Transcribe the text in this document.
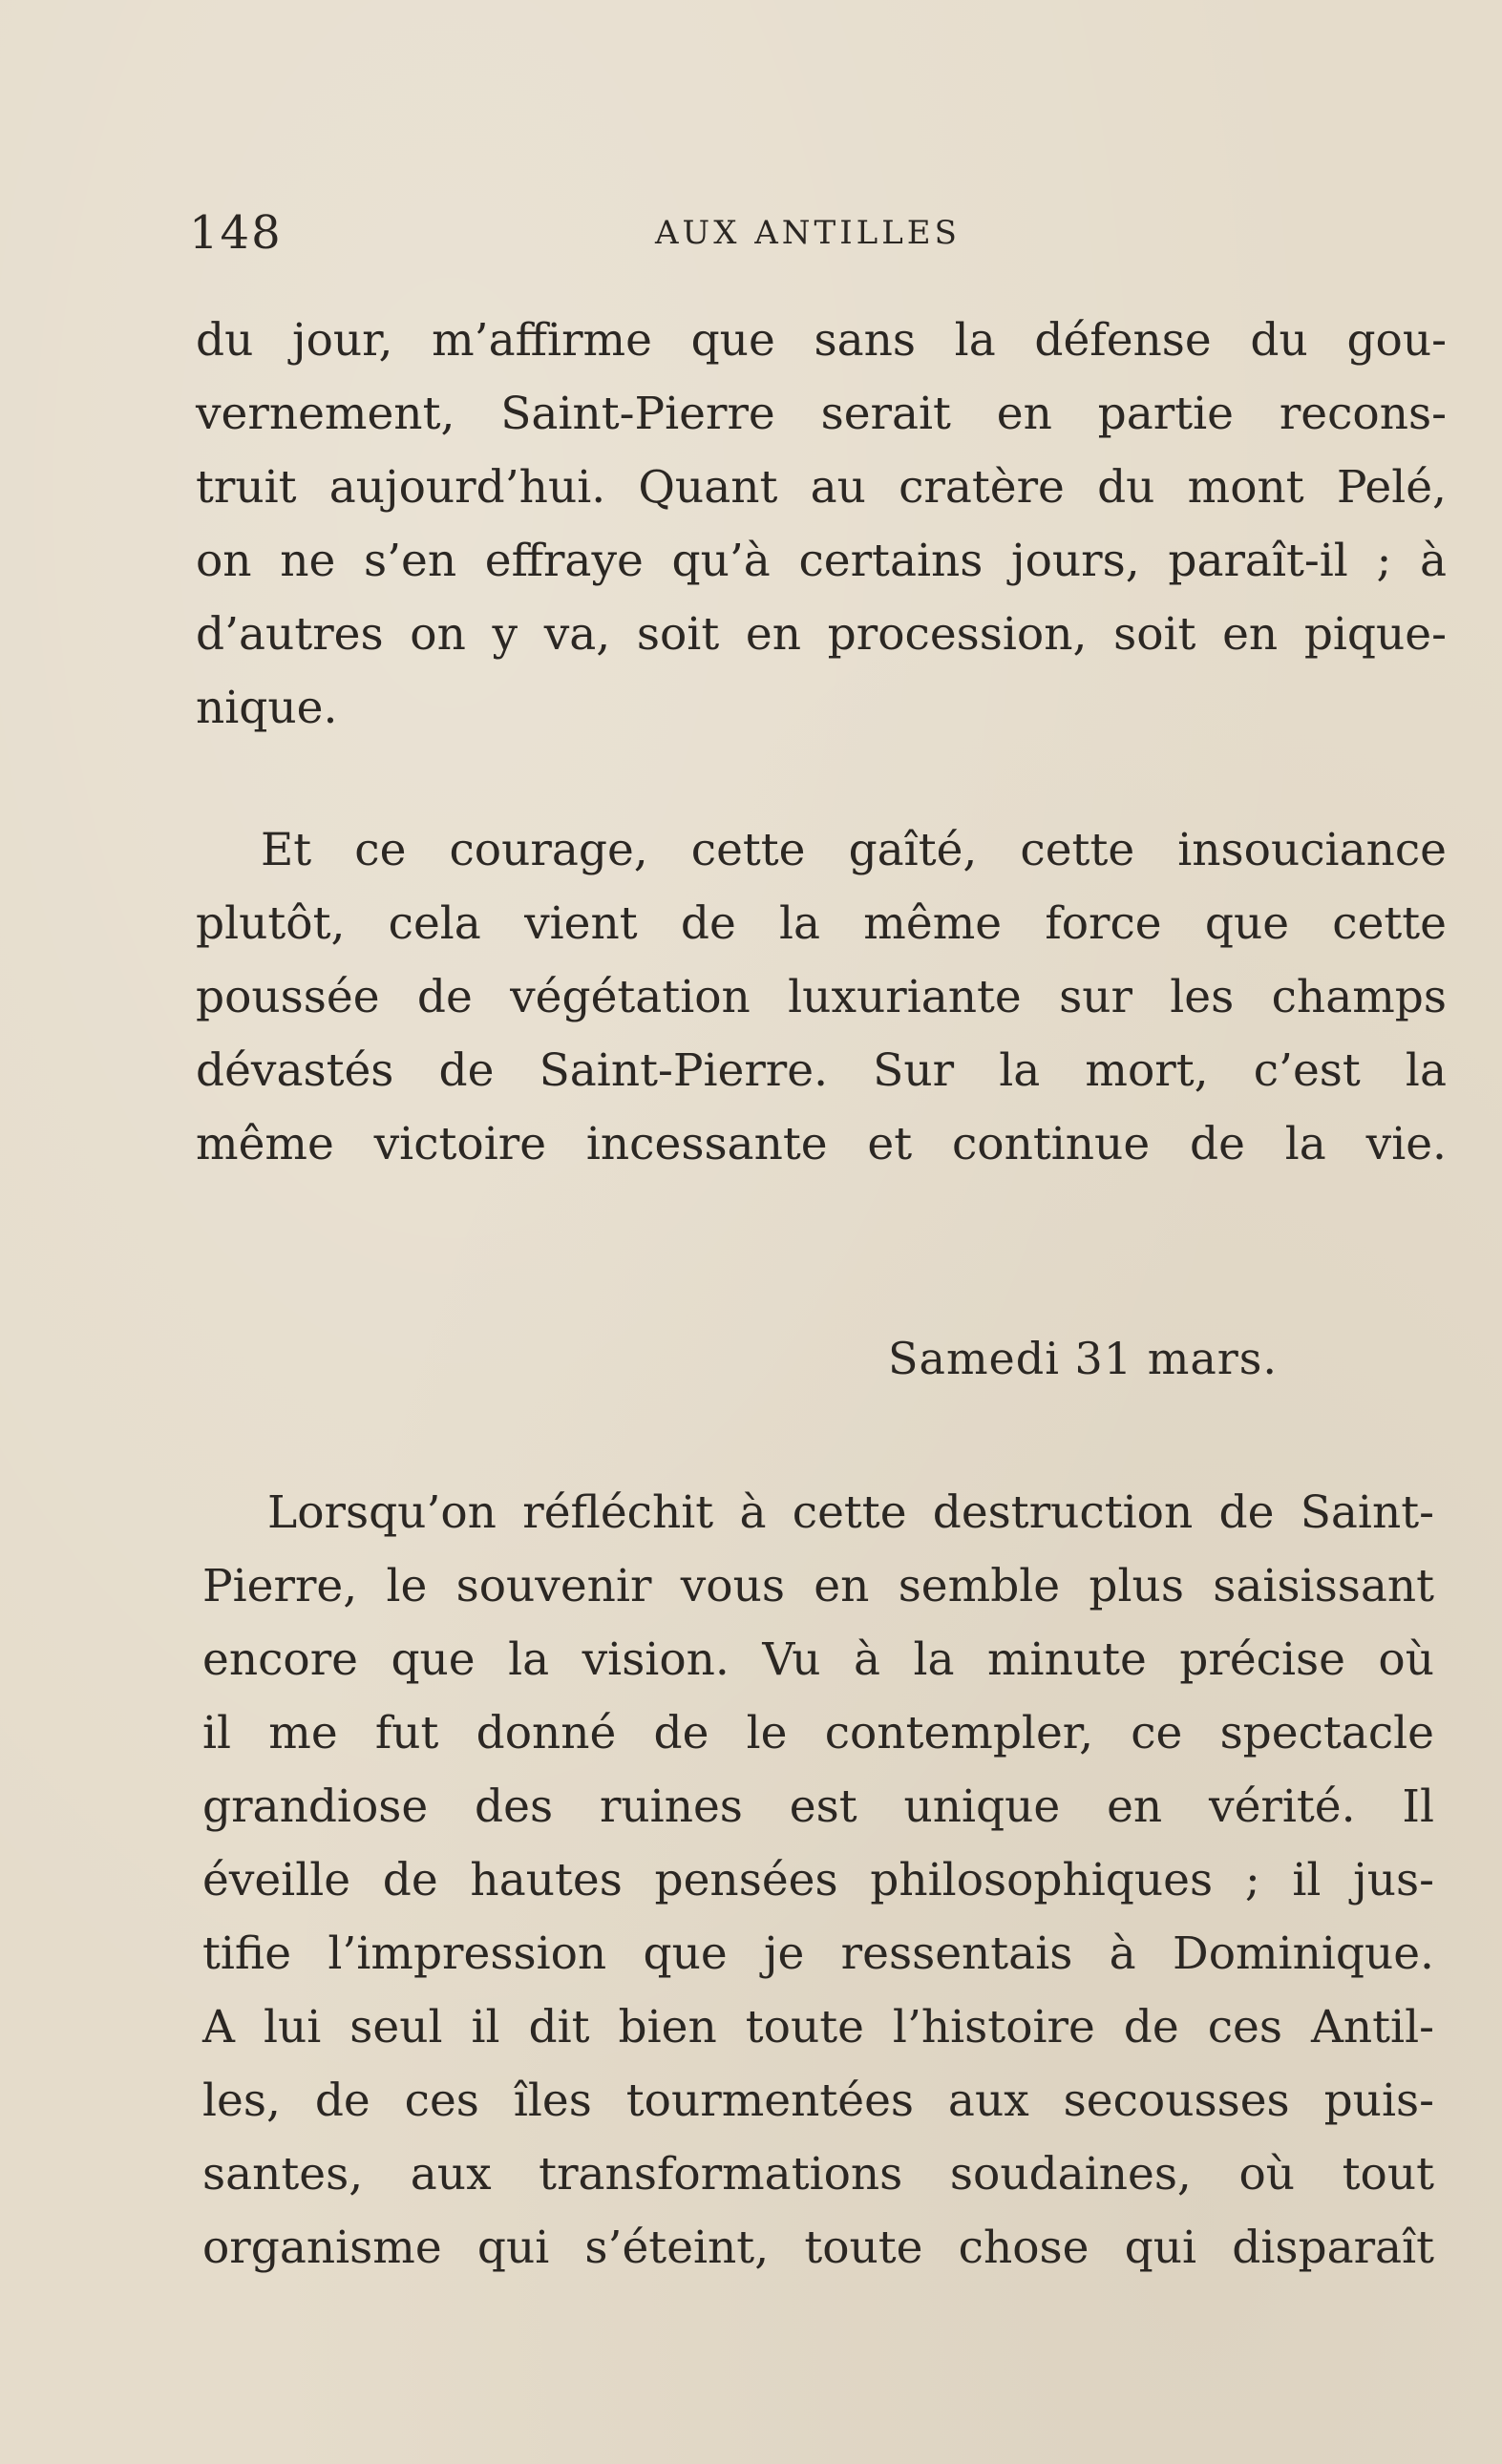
148	AUX ANTILLES
du jour, m’affirme que sans la défense du gou-
vernement, Saint-Pierre serait en partie recons-
truit aujourd’hui. Quant au cratère du mont Pelé,
on ne s’en effraye qu’à certains jours, paraît-il ; à
d’autres on y va, soit en procession, soit en pique-
nique.
Et ce courage, cette gaîté, cette insouciance
plutôt, cela vient de la même force que cette
poussée de végétation luxuriante sur les champs
dévastés de Saint-Pierre. Sur la mort, c’est la
même victoire incessante et continue de la vie.
Samedi 31 mars.
Lorsqu’on réfléchit à cette destruction de Saint-
Pierre, le souvenir vous en semble plus saisissant
encore que la vision. Vu à la minute précise où
il me fut donné de le contempler, ce spectacle
grandiose des ruines est unique en vérité. Il
éveille de hautes pensées philosophiques ; il jus-
tifie l’impression que je ressentais à Dominique.
A lui seul il dit bien toute l’histoire de ces Antil-
les, de ces îles tourmentées aux secousses puis-
santes, aux transformations soudaines, où tout
organisme qui s’éteint, toute chose qui disparaît
